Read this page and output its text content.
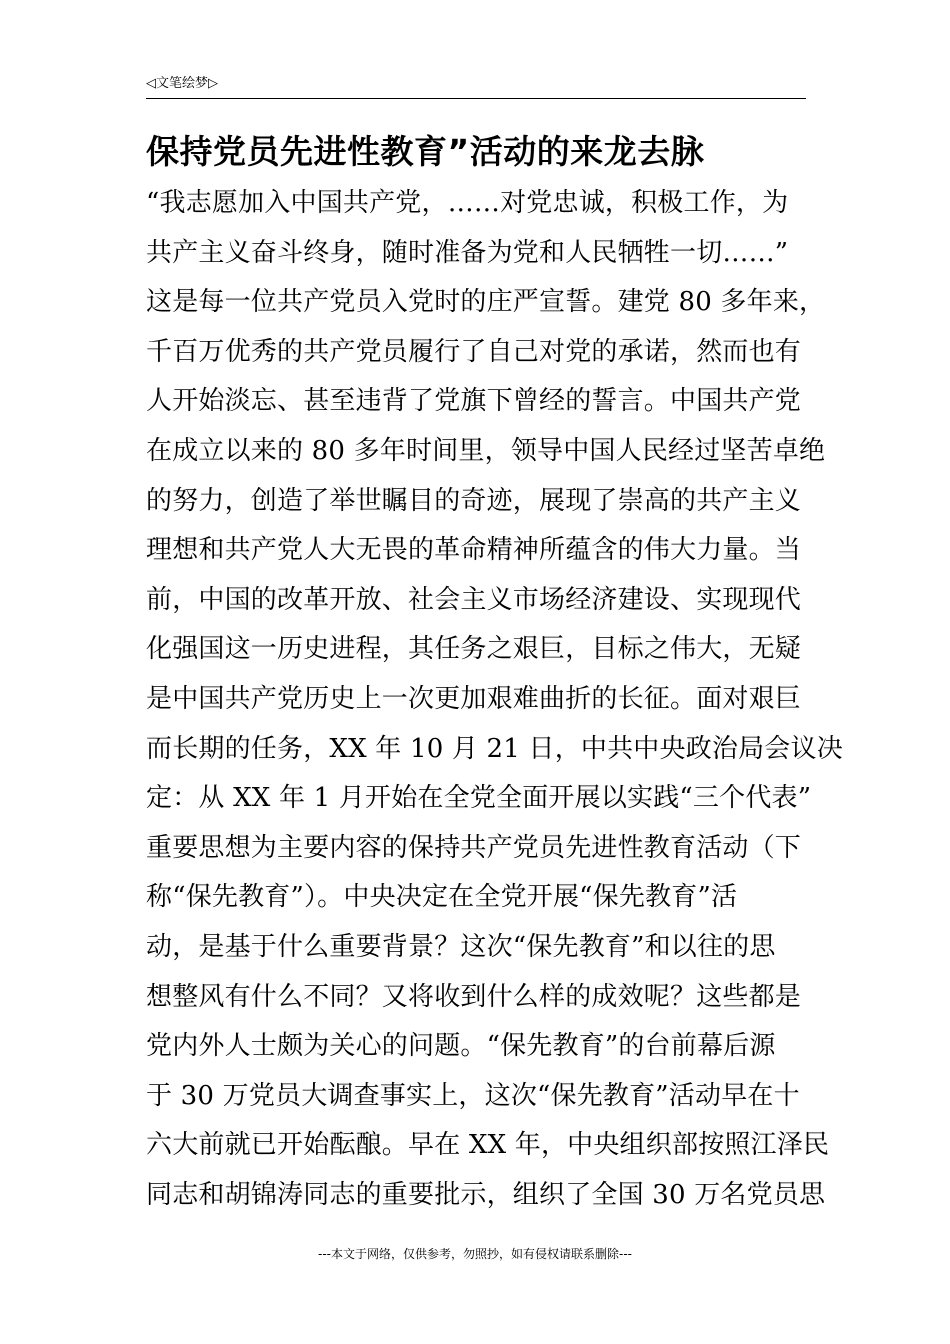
◁文笔绘梦▷
保持党员先进性教育”活动的来龙去脉
“我志愿加入中国共产党，……对党忠诚，积极工作，为
共产主义奋斗终身，随时准备为党和人民牺牲一切……”
这是每一位共产党员入党时的庄严宣誓。建党 80 多年来，
千百万优秀的共产党员履行了自己对党的承诺，然而也有
人开始淡忘、甚至违背了党旗下曾经的誓言。中国共产党
在成立以来的 80 多年时间里，领导中国人民经过坚苦卓绝
的努力，创造了举世瞩目的奇迹，展现了崇高的共产主义
理想和共产党人大无畏的革命精神所蕴含的伟大力量。当
前，中国的改革开放、社会主义市场经济建设、实现现代
化强国这一历史进程，其任务之艰巨，目标之伟大，无疑
是中国共产党历史上一次更加艰难曲折的长征。面对艰巨
而长期的任务，XX 年 10 月 21 日，中共中央政治局会议决
定：从 XX 年 1 月开始在全党全面开展以实践“三个代表”
重要思想为主要内容的保持共产党员先进性教育活动（下
称“保先教育”）。中央决定在全党开展“保先教育”活
动，是基于什么重要背景？这次“保先教育”和以往的思
想整风有什么不同？又将收到什么样的成效呢？这些都是
党内外人士颇为关心的问题。“保先教育”的台前幕后源
于 30 万党员大调查事实上，这次“保先教育”活动早在十
六大前就已开始酝酿。早在 XX 年，中央组织部按照江泽民
同志和胡锦涛同志的重要批示，组织了全国 30 万名党员思
---本文于网络，仅供参考，勿照抄，如有侵权请联系删除---
